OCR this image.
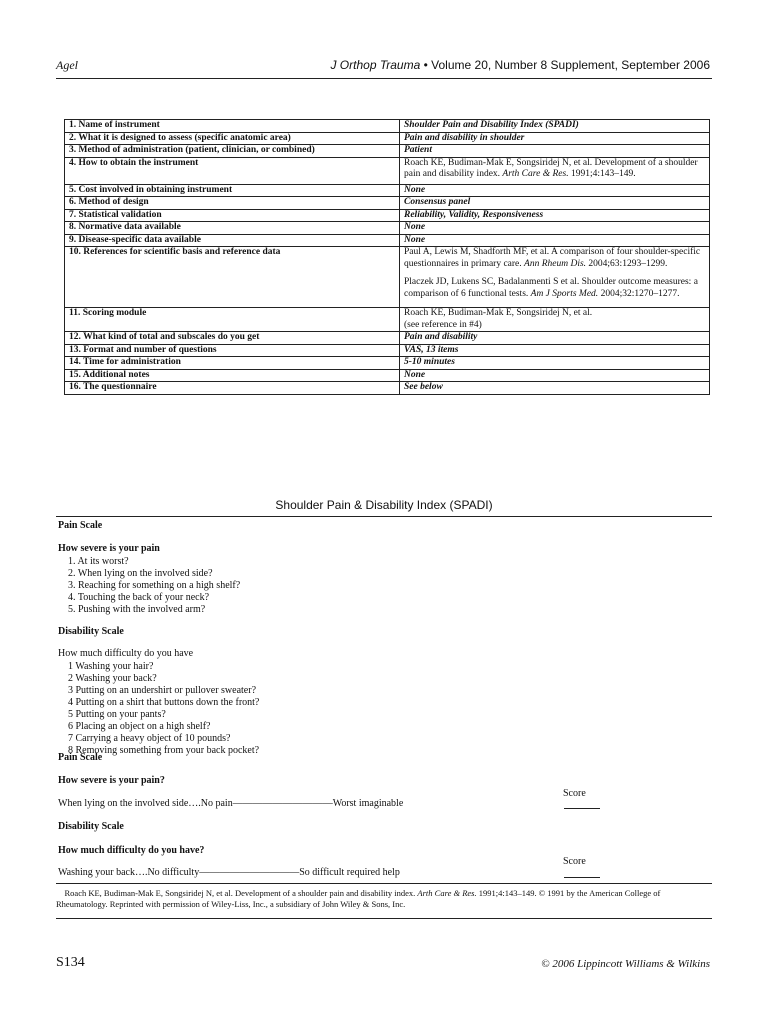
Agel	J Orthop Trauma • Volume 20, Number 8 Supplement, September 2006
1. Name of instrument	Shoulder Pain and Disability Index (SPADI)
2. What it is designed to assess (specific anatomic area)	Pain and disability in shoulder
3. Method of administration (patient, clinician, or combined)	Patient
4. How to obtain the instrument	Roach KE, Budiman-Mak E, Songsiridej N, et al. Development of a shoulder pain and disability index. Arth Care & Res. 1991;4:143–149.
5. Cost involved in obtaining instrument	None
6. Method of design	Consensus panel
7. Statistical validation	Reliability, Validity, Responsiveness
8. Normative data available	None
9. Disease-specific data available	None
10. References for scientific basis and reference data	Paul A, Lewis M, Shadforth MF, et al. A comparison of four shoulder-specific questionnaires in primary care. Ann Rheum Dis. 2004;63:1293–1299.
Placzek JD, Lukens SC, Badalanmenti S et al. Shoulder outcome measures: a comparison of 6 functional tests. Am J Sports Med. 2004;32:1270–1277.

11. Scoring module	Roach KE, Budiman-Mak E, Songsiridej N, et al.
(see reference in #4)

12. What kind of total and subscales do you get	Pain and disability
13. Format and number of questions	VAS, 13 items
14. Time for administration	5-10 minutes
15. Additional notes	None
16. The questionnaire	See below
Shoulder Pain & Disability Index (SPADI)
Pain Scale
How severe is your pain
1. At its worst?
2. When lying on the involved side?
3. Reaching for something on a high shelf?
4. Touching the back of your neck?
5. Pushing with the involved arm?
Disability Scale
How much difficulty do you have
1 Washing your hair?
2 Washing your back?
3 Putting on an undershirt or pullover sweater?
4 Putting on a shirt that buttons down the front?
5 Putting on your pants?
6 Placing an object on a high shelf?
7 Carrying a heavy object of 10 pounds?
8 Removing something from your back pocket?
Pain Scale
How severe is your pain?
Score
When lying on the involved side….No pain——————————Worst imaginable
Disability Scale
How much difficulty do you have?
Score
Washing your back….No difficulty——————————So difficult required help
Roach KE, Budiman-Mak E, Songsiridej N, et al. Development of a shoulder pain and disability index. Arth Care & Res. 1991;4:143–149. © 1991 by the American College of Rheumatology. Reprinted with permission of Wiley-Liss, Inc., a subsidiary of John Wiley & Sons, Inc.
S134	© 2006 Lippincott Williams & Wilkins
